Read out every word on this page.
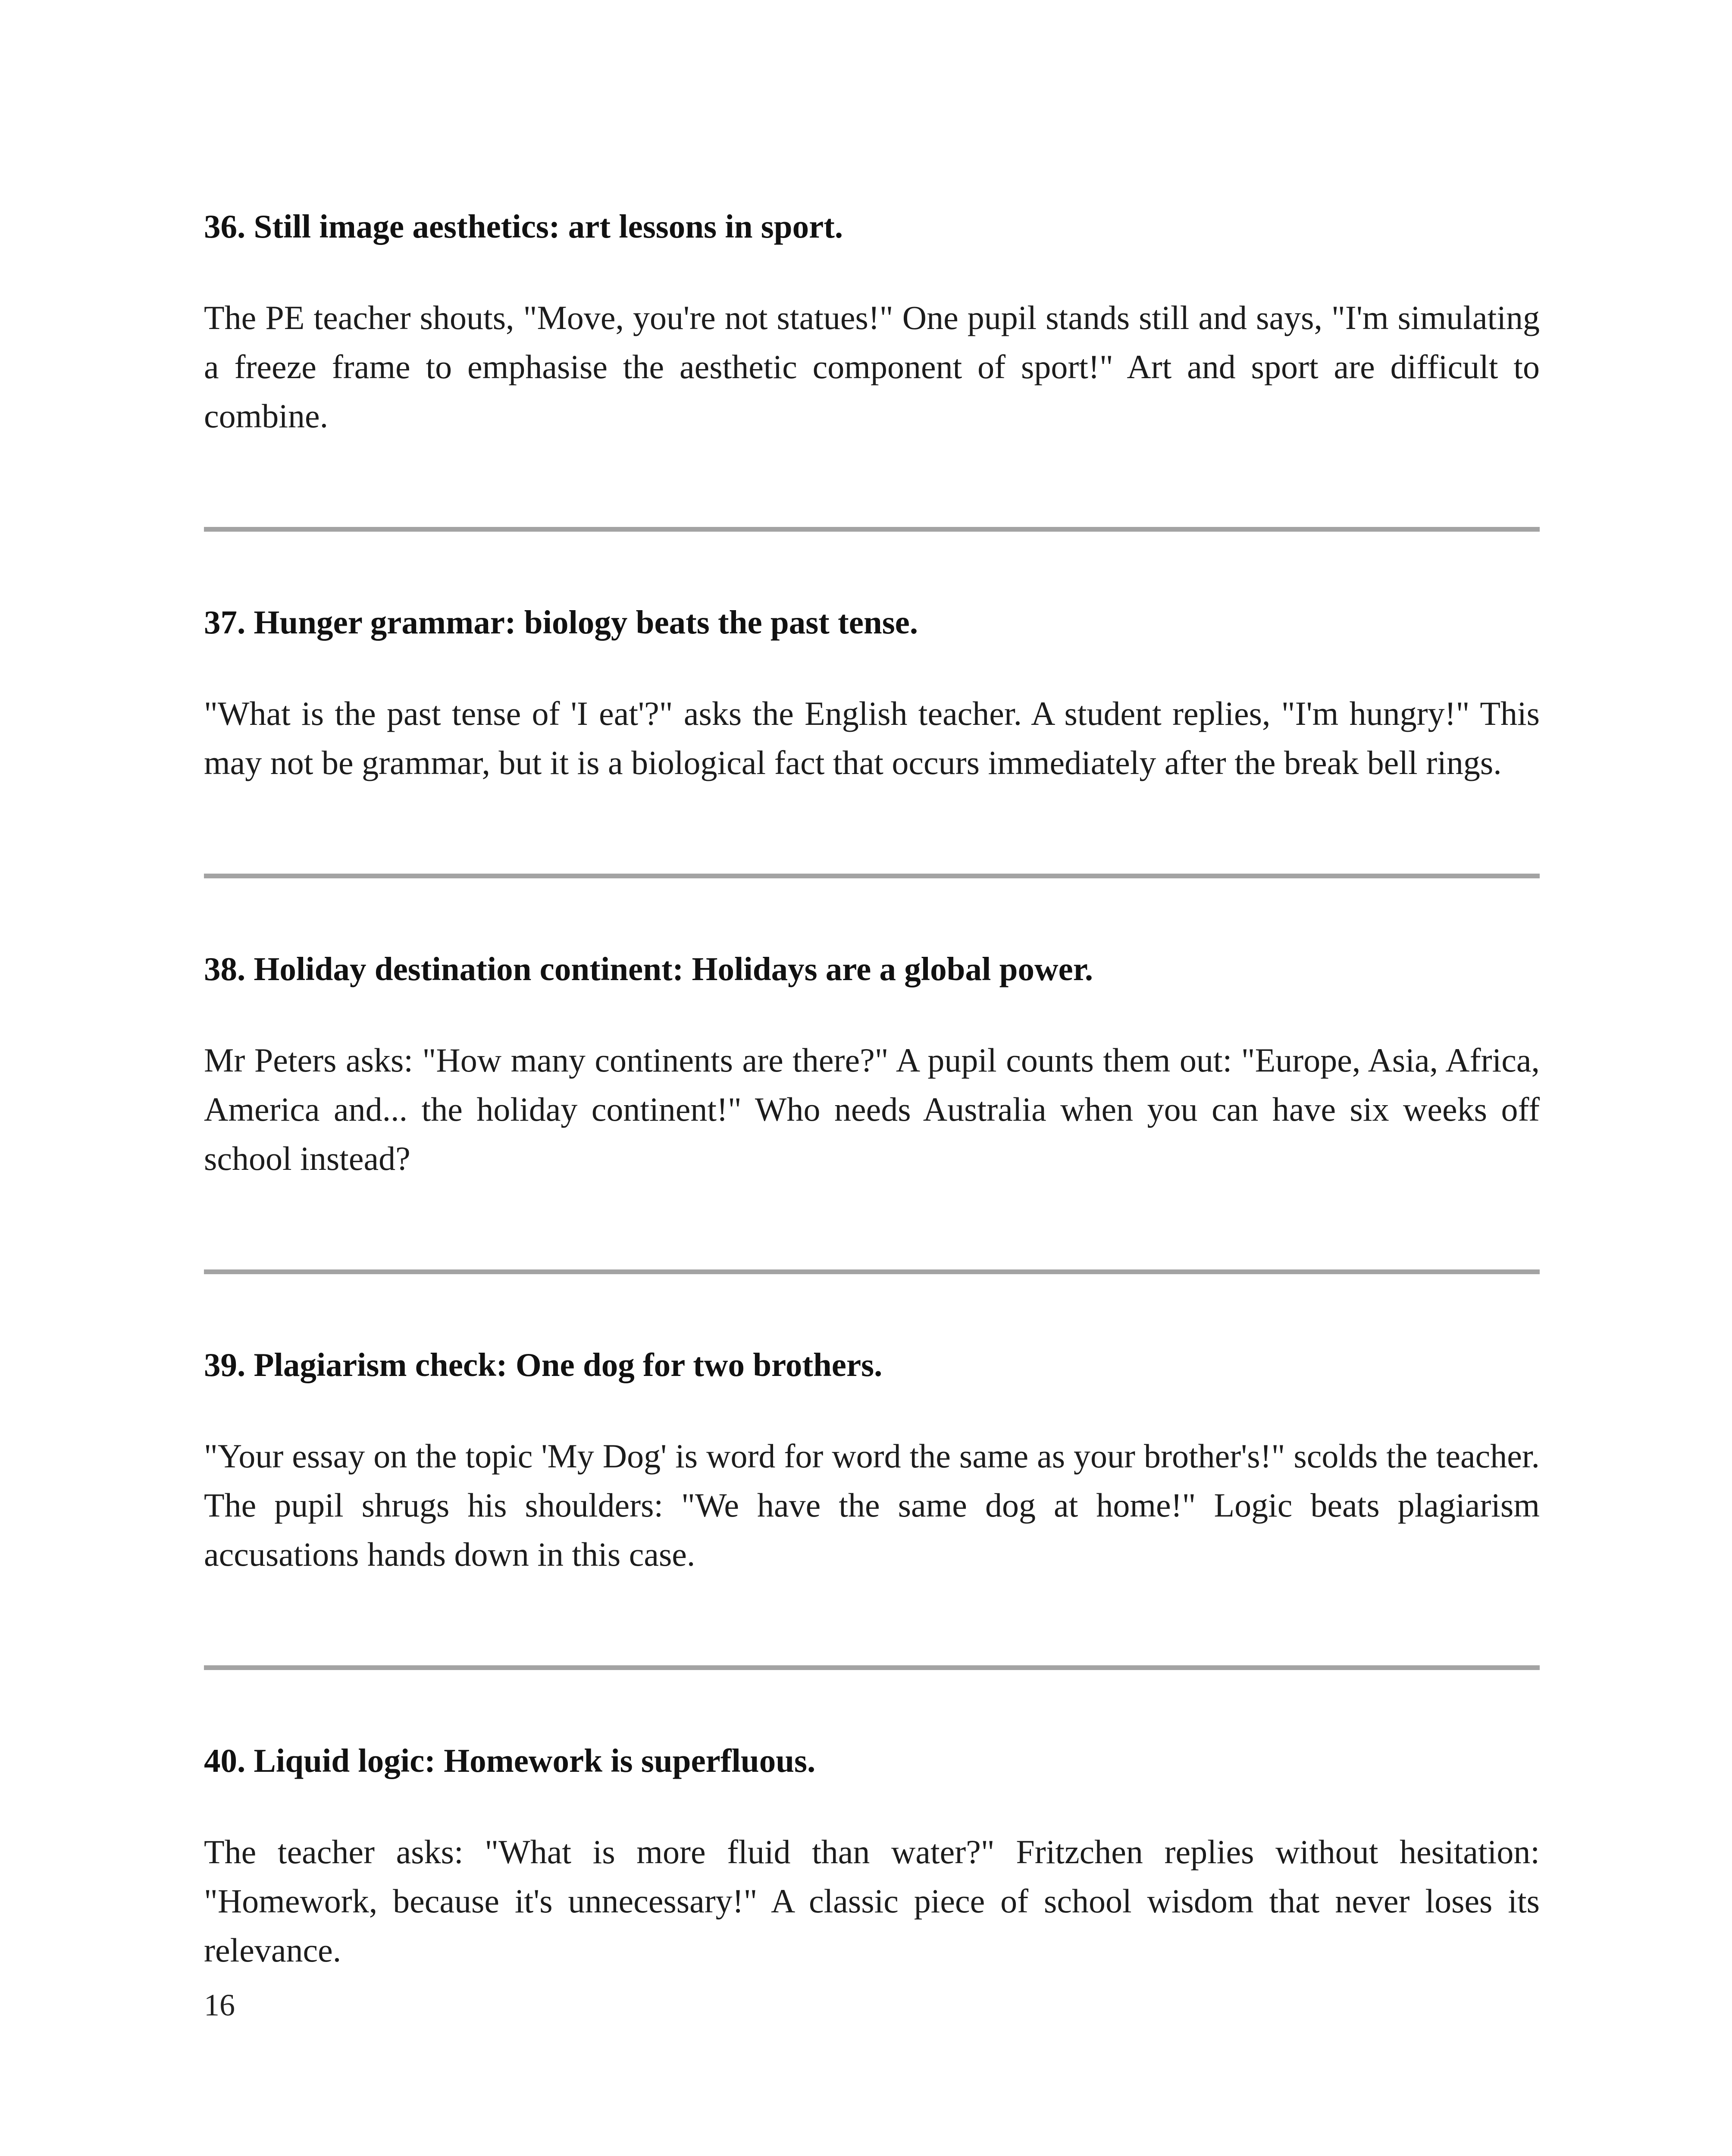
36. Still image aesthetics: art lessons in sport.

The PE teacher shouts, "Move, you're not statues!" One pupil stands still and says, "I'm simulating a freeze frame to emphasise the aesthetic component of sport!" Art and sport are difficult to combine.

37. Hunger grammar: biology beats the past tense.

"What is the past tense of 'I eat'?" asks the English teacher. A student replies, "I'm hungry!" This may not be grammar, but it is a biological fact that occurs immediately after the break bell rings.

38. Holiday destination continent: Holidays are a global power.

Mr Peters asks: "How many continents are there?" A pupil counts them out: "Europe, Asia, Africa, America and... the holiday continent!" Who needs Australia when you can have six weeks off school instead?

39. Plagiarism check: One dog for two brothers.

"Your essay on the topic 'My Dog' is word for word the same as your brother's!" scolds the teacher. The pupil shrugs his shoulders: "We have the same dog at home!" Logic beats plagiarism accusations hands down in this case.

40. Liquid logic: Homework is superfluous.

The teacher asks: "What is more fluid than water?" Fritzchen replies without hesitation: "Homework, because it's unnecessary!" A classic piece of school wisdom that never loses its relevance.

16
